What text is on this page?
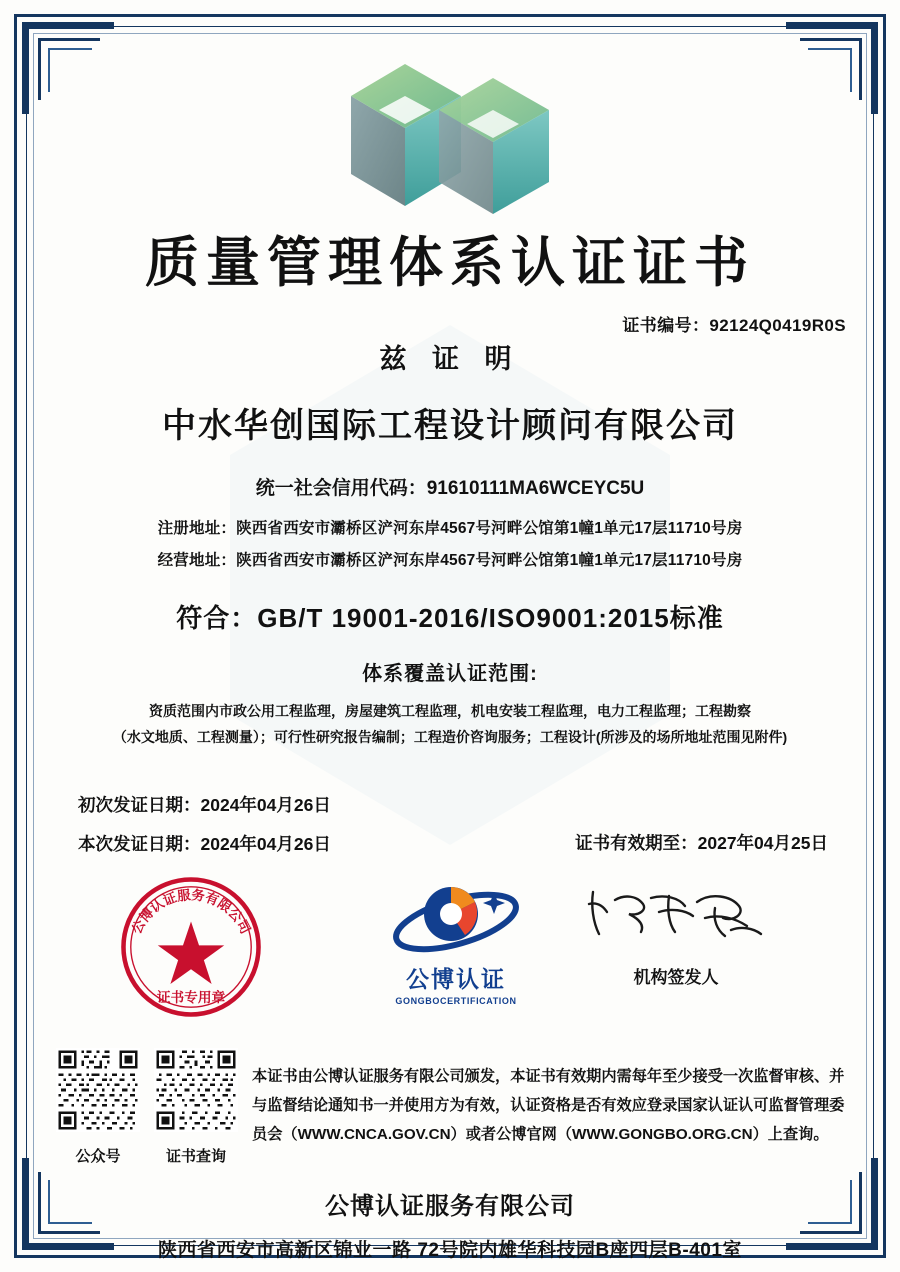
质量管理体系认证证书
证书编号：92124Q0419R0S
兹 证 明
中水华创国际工程设计顾问有限公司
统一社会信用代码：91610111MA6WCEYC5U
注册地址：陕西省西安市灞桥区浐河东岸4567号河畔公馆第1幢1单元17层11710号房
经营地址：陕西省西安市灞桥区浐河东岸4567号河畔公馆第1幢1单元17层11710号房
符合：GB/T 19001-2016/ISO9001:2015标准
体系覆盖认证范围:
资质范围内市政公用工程监理，房屋建筑工程监理，机电安装工程监理，电力工程监理；工程勘察
（水文地质、工程测量）；可行性研究报告编制；工程造价咨询服务；工程设计(所涉及的场所地址范围见附件)
初次发证日期：2024年04月26日
本次发证日期：2024年04月26日	证书有效期至：2027年04月25日
公博认证服务有限公司
证书专用章
公博认证
GONGBOCERTIFICATION
机构签发人
公众号	证书查询
本证书由公博认证服务有限公司颁发，本证书有效期内需每年至少接受一次监督审核、并与监督结论通知书一并使用方为有效，认证资格是否有效应登录国家认证认可监督管理委员会（WWW.CNCA.GOV.CN）或者公博官网（WWW.GONGBO.ORG.CN）上查询。
公博认证服务有限公司
陕西省西安市高新区锦业一路 72号院内雄华科技园B座四层B-401室
